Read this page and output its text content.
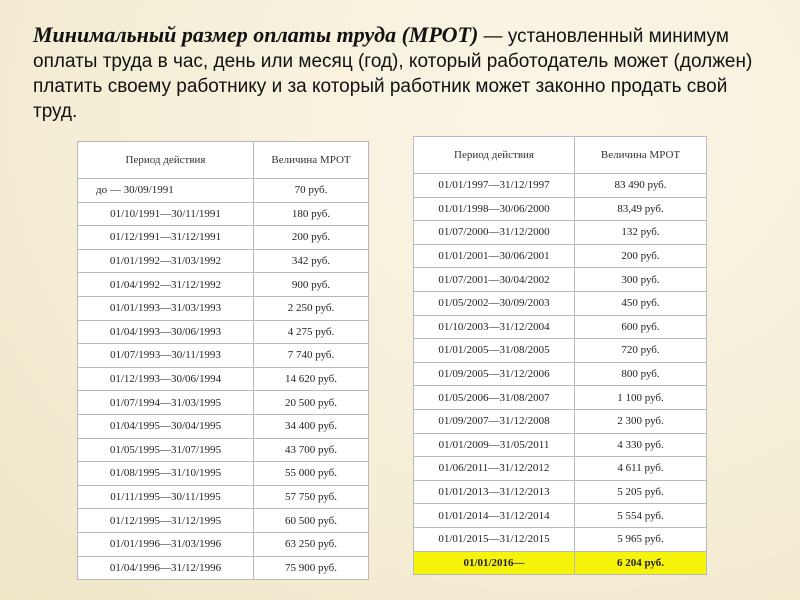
Минимальный размер оплаты труда (МРОТ) — установленный минимум оплаты труда в час, день или месяц (год), который работодатель может (должен) платить своему работнику и за который работник может законно продать свой труд.
Период действия	Величина МРОТ
до — 30/09/1991	70 руб.
01/10/1991—30/11/1991	180 руб.
01/12/1991—31/12/1991	200 руб.
01/01/1992—31/03/1992	342 руб.
01/04/1992—31/12/1992	900 руб.
01/01/1993—31/03/1993	2 250 руб.
01/04/1993—30/06/1993	4 275 руб.
01/07/1993—30/11/1993	7 740 руб.
01/12/1993—30/06/1994	14 620 руб.
01/07/1994—31/03/1995	20 500 руб.
01/04/1995—30/04/1995	34 400 руб.
01/05/1995—31/07/1995	43 700 руб.
01/08/1995—31/10/1995	55 000 руб.
01/11/1995—30/11/1995	57 750 руб.
01/12/1995—31/12/1995	60 500 руб.
01/01/1996—31/03/1996	63 250 руб.
01/04/1996—31/12/1996	75 900 руб.
Период действия	Величина МРОТ
01/01/1997—31/12/1997	83 490 руб.
01/01/1998—30/06/2000	83,49 руб.
01/07/2000—31/12/2000	132 руб.
01/01/2001—30/06/2001	200 руб.
01/07/2001—30/04/2002	300 руб.
01/05/2002—30/09/2003	450 руб.
01/10/2003—31/12/2004	600 руб.
01/01/2005—31/08/2005	720 руб.
01/09/2005—31/12/2006	800 руб.
01/05/2006—31/08/2007	1 100 руб.
01/09/2007—31/12/2008	2 300 руб.
01/01/2009—31/05/2011	4 330 руб.
01/06/2011—31/12/2012	4 611 руб.
01/01/2013—31/12/2013	5 205 руб.
01/01/2014—31/12/2014	5 554 руб.
01/01/2015—31/12/2015	5 965 руб.
01/01/2016—	6 204 руб.
